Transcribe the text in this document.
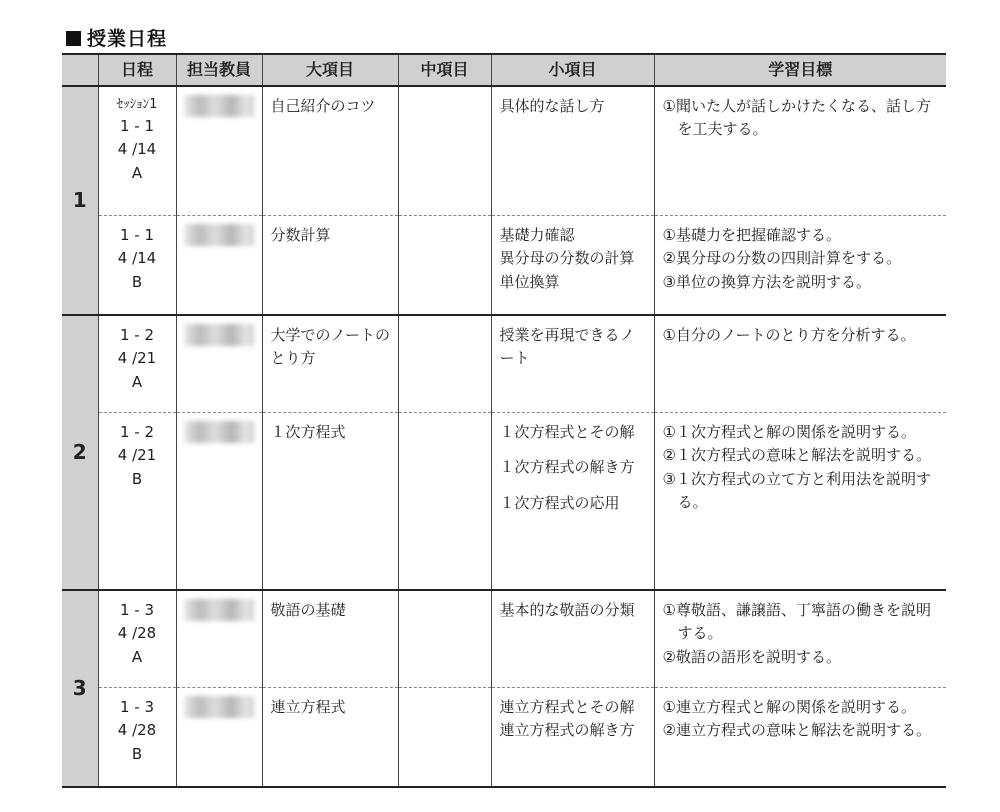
授業日程
	日程	担当教員	大項目	中項目	小項目	学習目標
1	ｾｯｼｮﾝ1
1 - 1
4 /14
A		自己紹介のコツ		具体的な話し方	①聞いた人が話しかけたくなる、話し方を工夫する。

	1 - 1
4 /14
B		分数計算		基礎力確認
異分母の分数の計算
単位換算	①基礎力を把握確認する。
②異分母の分数の四則計算をする。
③単位の換算方法を説明する。

2	1 - 2
4 /21
A		大学でのノートのとり方		授業を再現できるノート	①自分のノートのとり方を分析する。

	1 - 2
4 /21
B		１次方程式		１次方程式とその解
１次方程式の解き方
１次方程式の応用	①１次方程式と解の関係を説明する。
②１次方程式の意味と解法を説明する。
③１次方程式の立て方と利用法を説明する。

3	1 - 3
4 /28
A		敬語の基礎		基本的な敬語の分類	①尊敬語、謙譲語、丁寧語の働きを説明する。
②敬語の語形を説明する。

	1 - 3
4 /28
B		連立方程式		連立方程式とその解
連立方程式の解き方	①連立方程式と解の関係を説明する。
②連立方程式の意味と解法を説明する。
